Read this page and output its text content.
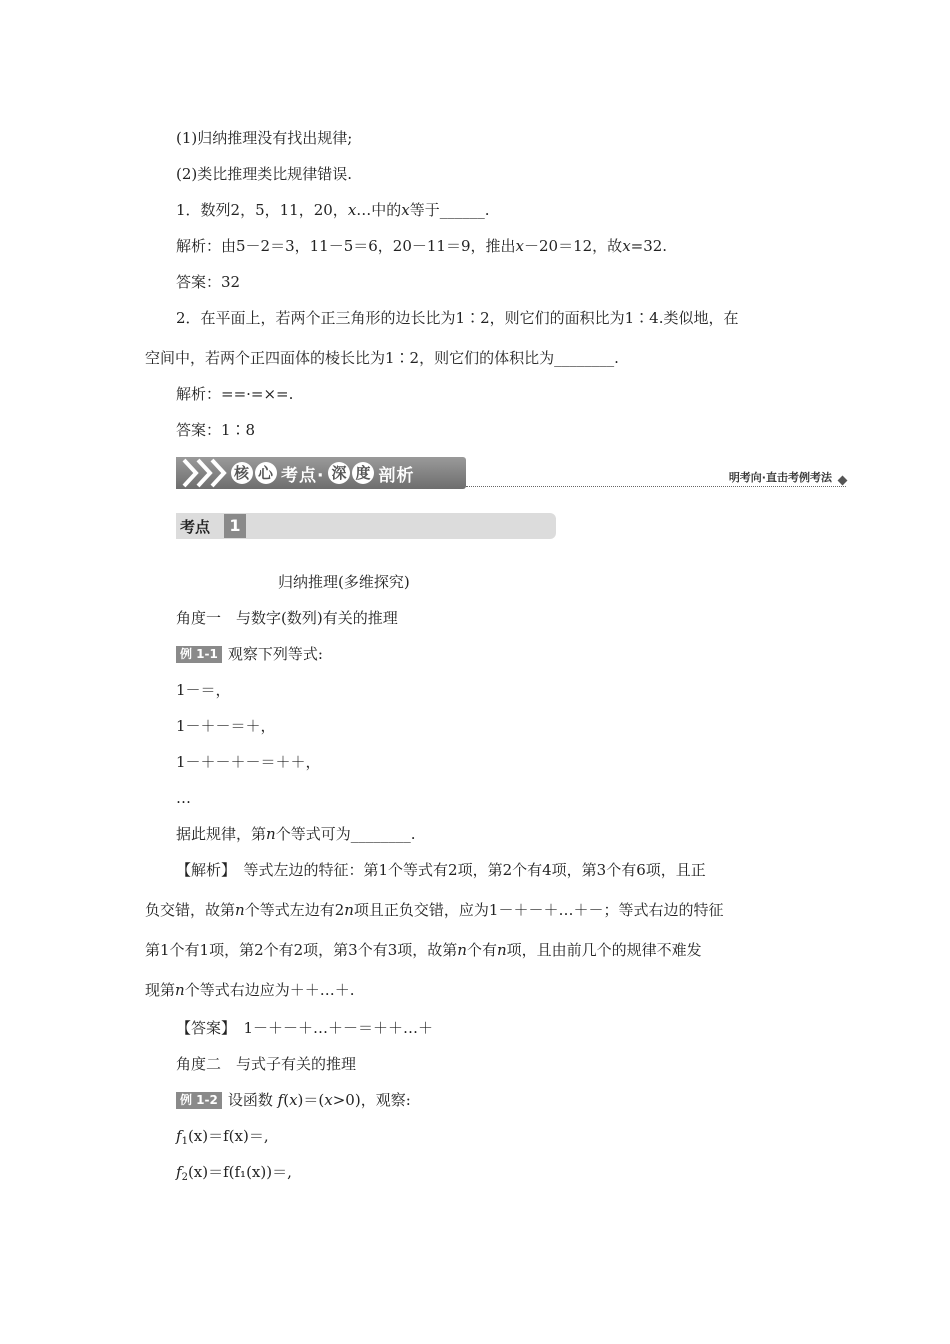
(1)归纳推理没有找出规律;
(2)类比推理类比规律错误.
1．数列2，5，11，20，x…中的x等于______.
解析：由5－2＝3，11－5＝6，20－11＝9，推出x－20＝12，故x=32.
答案：32
2．在平面上，若两个正三角形的边长比为1∶2，则它们的面积比为1∶4.类似地，在
空间中，若两个正四面体的棱长比为1∶2，则它们的体积比为________.
解析：==·=×=.
答案：1∶8
核 心 考点· 深 度 剖析	明考向·直击考例考法
考点	1
归纳推理(多维探究)
角度一　与数字(数列)有关的推理
例 1-1 观察下列等式:
1－＝，
1－＋－＝＋，
1－＋－＋－＝＋＋，
…
据此规律，第n个等式可为________.
【解析】　等式左边的特征：第1个等式有2项，第2个有4项，第3个有6项，且正
负交错，故第n个等式左边有2n项且正负交错，应为1－＋－＋…＋－；等式右边的特征
第1个有1项，第2个有2项，第3个有3项，故第n个有n项，且由前几个的规律不难发
现第n个等式右边应为＋＋…＋.
【答案】　1－＋－＋…＋－＝＋＋…＋
角度二　与式子有关的推理
例 1-2 设函数 f(x)＝(x>0)，观察:
$f_1(x)=f(x)=$,
$f_2(x)=f(f_1(x))=$,
